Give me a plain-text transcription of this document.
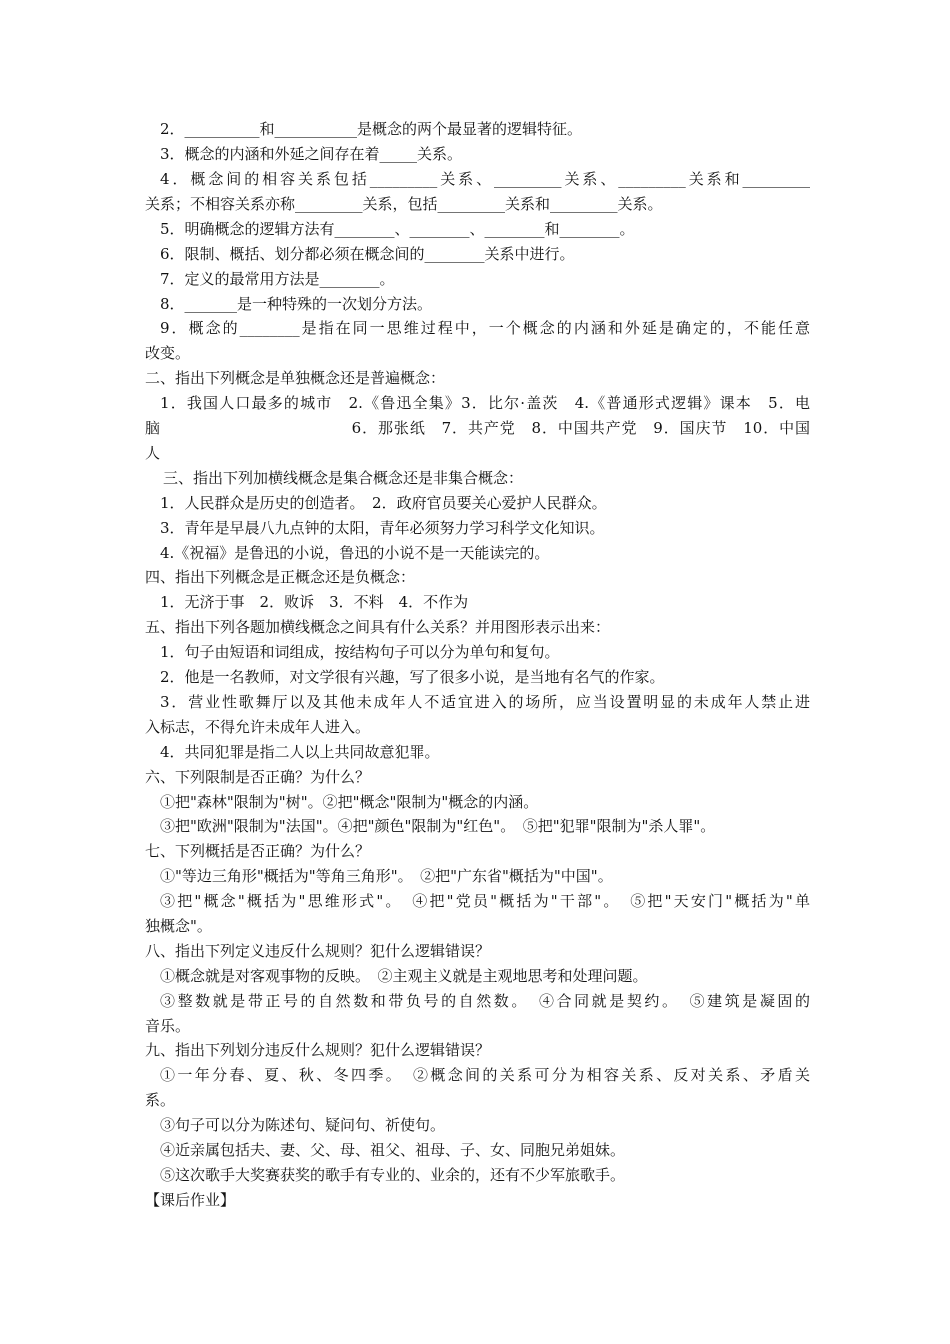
2．__________和___________是概念的两个最显著的逻辑特征。
3．概念的内涵和外延之间存在着_____关系。
4．概念间的相容关系包括_________关系、_________关系、_________关系和_________
关系；不相容关系亦称_________关系，包括_________关系和_________关系。
5．明确概念的逻辑方法有________、________、________和________。
6．限制、概括、划分都必须在概念间的________关系中进行。
7．定义的最常用方法是________。
8．_______是一种特殊的一次划分方法。
9．概念的________是指在同一思维过程中，一个概念的内涵和外延是确定的，不能任意
改变。
二、指出下列概念是单独概念还是普遍概念：
1．我国人口最多的城市　2.《鲁迅全集》3．比尔·盖茨　4.《普通形式逻辑》课本　5．电
脑　　　　　　　　　　　　6．那张纸　7．共产党　8．中国共产党　9．国庆节　10．中国
人
三、指出下列加横线概念是集合概念还是非集合概念：
1．人民群众是历史的创造者。　2．政府官员要关心爱护人民群众。
3．青年是早晨八九点钟的太阳，青年必须努力学习科学文化知识。
4.《祝福》是鲁迅的小说，鲁迅的小说不是一天能读完的。
四、指出下列概念是正概念还是负概念：
1．无济于事　2．败诉　3．不料　4．不作为
五、指出下列各题加横线概念之间具有什么关系？并用图形表示出来：
1．句子由短语和词组成，按结构句子可以分为单句和复句。
2．他是一名教师，对文学很有兴趣，写了很多小说，是当地有名气的作家。
3．营业性歌舞厅以及其他未成年人不适宜进入的场所，应当设置明显的未成年人禁止进
入标志，不得允许未成年人进入。
4．共同犯罪是指二人以上共同故意犯罪。
六、下列限制是否正确？为什么？
①把"森林"限制为"树"。②把"概念"限制为"概念的内涵。
③把"欧洲"限制为"法国"。④把"颜色"限制为"红色"。　⑤把"犯罪"限制为"杀人罪"。
七、下列概括是否正确？为什么？
①"等边三角形"概括为"等角三角形"。　②把"广东省"概括为"中国"。
③把"概念"概括为"思维形式"。　④把"党员"概括为"干部"。　⑤把"天安门"概括为"单
独概念"。
八、指出下列定义违反什么规则？犯什么逻辑错误？
①概念就是对客观事物的反映。　②主观主义就是主观地思考和处理问题。
③整数就是带正号的自然数和带负号的自然数。　④合同就是契约。　⑤建筑是凝固的
音乐。
九、指出下列划分违反什么规则？犯什么逻辑错误？
①一年分春、夏、秋、冬四季。　②概念间的关系可分为相容关系、反对关系、矛盾关
系。
③句子可以分为陈述句、疑问句、祈使句。
④近亲属包括夫、妻、父、母、祖父、祖母、子、女、同胞兄弟姐妹。
⑤这次歌手大奖赛获奖的歌手有专业的、业余的，还有不少军旅歌手。
【课后作业】
